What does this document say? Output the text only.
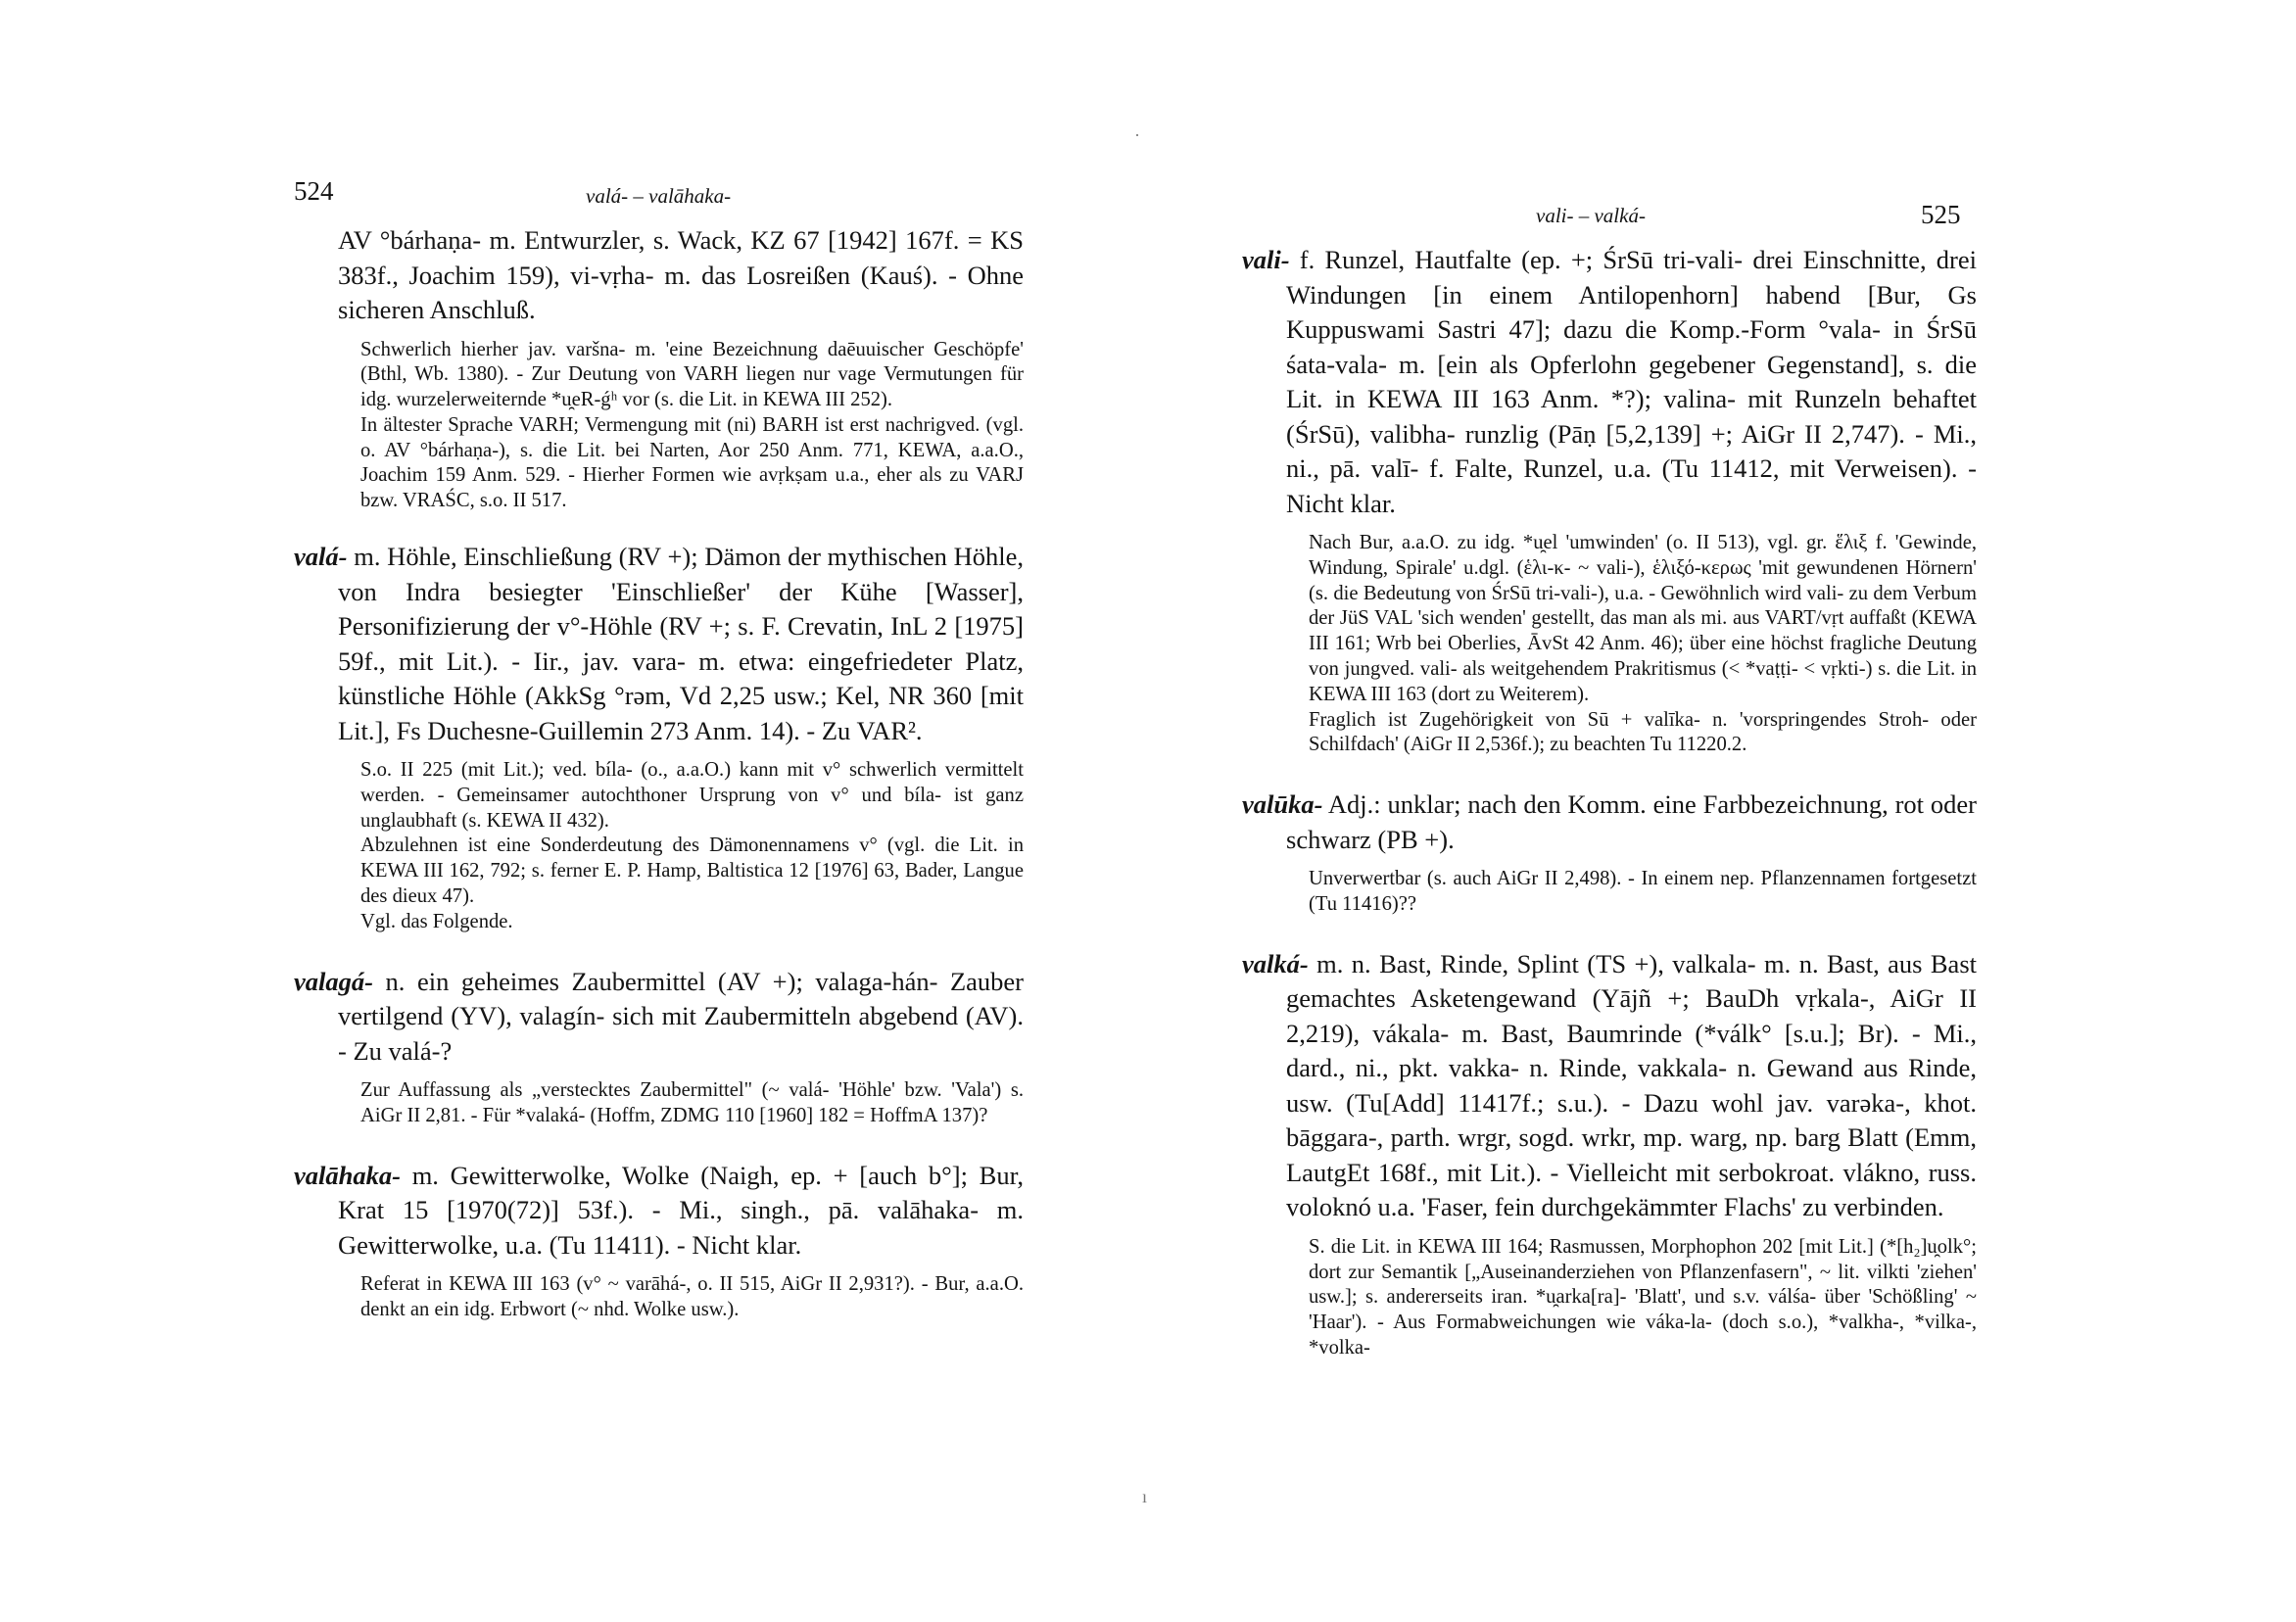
524	valá- – valāhaka-

AV °bárhaṇa- m. Entwurzler, s. Wack, KZ 67 [1942] 167f. = KS 383f., Joachim 159), vi-vṛha- m. das Losreißen (Kauś). - Ohne sicheren Anschluß.

Schwerlich hierher jav. varšna- m. 'eine Bezeichnung daēuuischer Geschöpfe' (Bthl, Wb. 1380). - Zur Deutung von VARH liegen nur vage Vermutungen für idg. wurzelerweiternde *u̯eR-ǵʰ vor (s. die Lit. in KEWA III 252).

In ältester Sprache VARH; Vermengung mit (ni) BARH ist erst nachrigved. (vgl. o. AV °bárhaṇa-), s. die Lit. bei Narten, Aor 250 Anm. 771, KEWA, a.a.O., Joachim 159 Anm. 529. - Hierher Formen wie avṛkṣam u.a., eher als zu VARJ bzw. VRAŚC, s.o. II 517.

valá- m. Höhle, Einschließung (RV +); Dämon der mythischen Höhle, von Indra besiegter 'Einschließer' der Kühe [Wasser], Personifizierung der v°-Höhle (RV +; s. F. Crevatin, InL 2 [1975] 59f., mit Lit.). - Iir., jav. vara- m. etwa: eingefriedeter Platz, künstliche Höhle (AkkSg °rəm, Vd 2,25 usw.; Kel, NR 360 [mit Lit.], Fs Duchesne-Guillemin 273 Anm. 14). - Zu VAR².

S.o. II 225 (mit Lit.); ved. bíla- (o., a.a.O.) kann mit v° schwerlich vermittelt werden. - Gemeinsamer autochthoner Ursprung von v° und bíla- ist ganz unglaubhaft (s. KEWA II 432).

Abzulehnen ist eine Sonderdeutung des Dämonennamens v° (vgl. die Lit. in KEWA III 162, 792; s. ferner E. P. Hamp, Baltistica 12 [1976] 63, Bader, Langue des dieux 47).

Vgl. das Folgende.

valagá- n. ein geheimes Zaubermittel (AV +); valaga-hán- Zauber vertilgend (YV), valagín- sich mit Zaubermitteln abgebend (AV). - Zu valá-?

Zur Auffassung als „verstecktes Zaubermittel" (~ valá- 'Höhle' bzw. 'Vala') s. AiGr II 2,81. - Für *valaká- (Hoffm, ZDMG 110 [1960] 182 = HoffmA 137)?

valāhaka- m. Gewitterwolke, Wolke (Naigh, ep. + [auch b°]; Bur, Krat 15 [1970(72)] 53f.). - Mi., singh., pā. valāhaka- m. Gewitterwolke, u.a. (Tu 11411). - Nicht klar.

Referat in KEWA III 163 (v° ~ varāhá-, o. II 515, AiGr II 2,931?). - Bur, a.a.O. denkt an ein idg. Erbwort (~ nhd. Wolke usw.).

vali- – valká-	525

vali- f. Runzel, Hautfalte (ep. +; ŚrSū tri-vali- drei Einschnitte, drei Windungen [in einem Antilopenhorn] habend [Bur, Gs Kuppuswami Sastri 47]; dazu die Komp.-Form °vala- in ŚrSū śata-vala- m. [ein als Opferlohn gegebener Gegenstand], s. die Lit. in KEWA III 163 Anm. *?); valina- mit Runzeln behaftet (ŚrSū), valibha- runzlig (Pāṇ [5,2,139] +; AiGr II 2,747). - Mi., ni., pā. valī- f. Falte, Runzel, u.a. (Tu 11412, mit Verweisen). - Nicht klar.

Nach Bur, a.a.O. zu idg. *u̯el 'umwinden' (o. II 513), vgl. gr. ἕλιξ f. 'Gewinde, Windung, Spirale' u.dgl. (ἑλι-κ- ~ vali-), ἑλιξό-κερως 'mit gewundenen Hörnern' (s. die Bedeutung von ŚrSū tri-vali-), u.a. - Gewöhnlich wird vali- zu dem Verbum der JüS VAL 'sich wenden' gestellt, das man als mi. aus VART/vṛt auffaßt (KEWA III 161; Wrb bei Oberlies, ĀvSt 42 Anm. 46); über eine höchst fragliche Deutung von jungved. vali- als weitgehendem Prakritismus (< *vaṭṭi- < vṛkti-) s. die Lit. in KEWA III 163 (dort zu Weiterem).

Fraglich ist Zugehörigkeit von Sū + valīka- n. 'vorspringendes Stroh- oder Schilfdach' (AiGr II 2,536f.); zu beachten Tu 11220.2.

valūka- Adj.: unklar; nach den Komm. eine Farbbezeichnung, rot oder schwarz (PB +).

Unverwertbar (s. auch AiGr II 2,498). - In einem nep. Pflanzennamen fortgesetzt (Tu 11416)??

valká- m. n. Bast, Rinde, Splint (TS +), valkala- m. n. Bast, aus Bast gemachtes Asketengewand (Yājñ +; BauDh vṛkala-, AiGr II 2,219), vákala- m. Bast, Baumrinde (*válk° [s.u.]; Br). - Mi., dard., ni., pkt. vakka- n. Rinde, vakkala- n. Gewand aus Rinde, usw. (Tu[Add] 11417f.; s.u.). - Dazu wohl jav. varəka-, khot. bāggara-, parth. wrgr, sogd. wrkr, mp. warg, np. barg Blatt (Emm, LautgEt 168f., mit Lit.). - Vielleicht mit serbokroat. vlákno, russ. voloknó u.a. 'Faser, fein durchgekämmter Flachs' zu verbinden.

S. die Lit. in KEWA III 164; Rasmussen, Morphophon 202 [mit Lit.] (*[h₂]u̯olk°; dort zur Semantik [„Auseinanderziehen von Pflanzenfasern", ~ lit. vilkti 'ziehen' usw.]; s. andererseits iran. *u̯arka[ra]- 'Blatt', und s.v. válśa- über 'Schößling' ~ 'Haar'). - Aus Formabweichungen wie váka-la- (doch s.o.), *valkha-, *vilka-, *volka-

·
ı
